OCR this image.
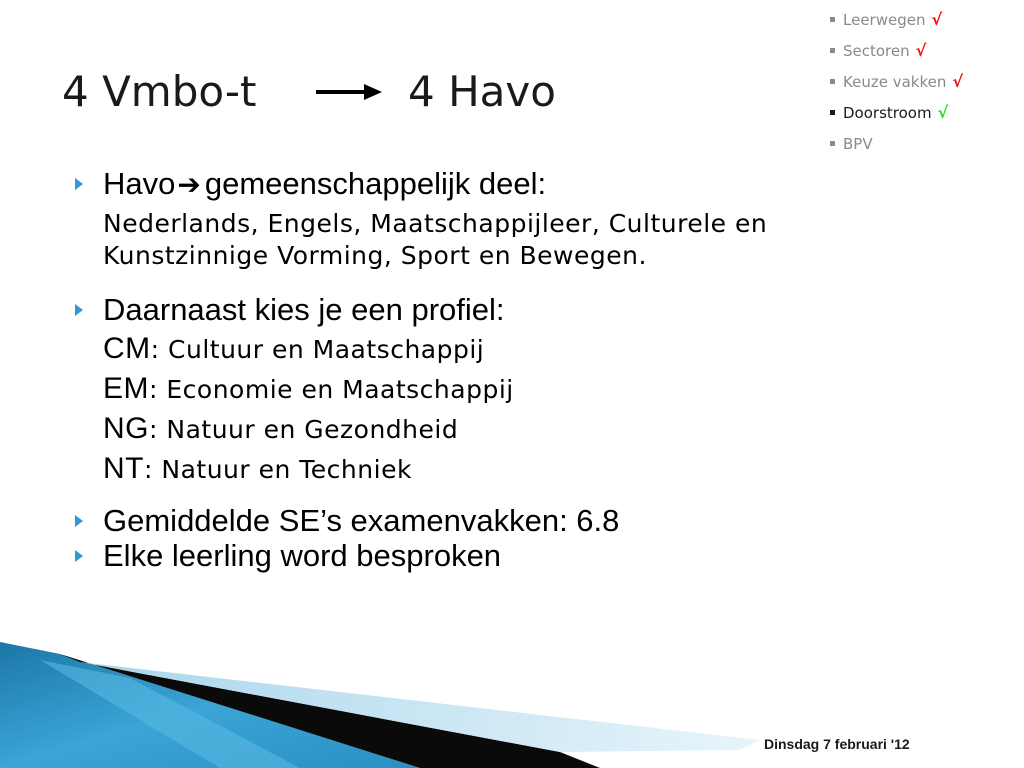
4 Vmbo-t	4 Havo
Leerwegen √
Sectoren √
Keuze vakken √
Doorstroom √
BPV
Havo➔ gemeenschappelijk deel:
Nederlands, Engels, Maatschappijleer, Culturele en
Kunstzinnige Vorming, Sport en Bewegen.
Daarnaast kies je een profiel:
CM: Cultuur en Maatschappij
EM: Economie en Maatschappij
NG: Natuur en Gezondheid
NT: Natuur en Techniek
Gemiddelde SE’s examenvakken: 6.8
Elke leerling word besproken
Dinsdag 7 februari '12
